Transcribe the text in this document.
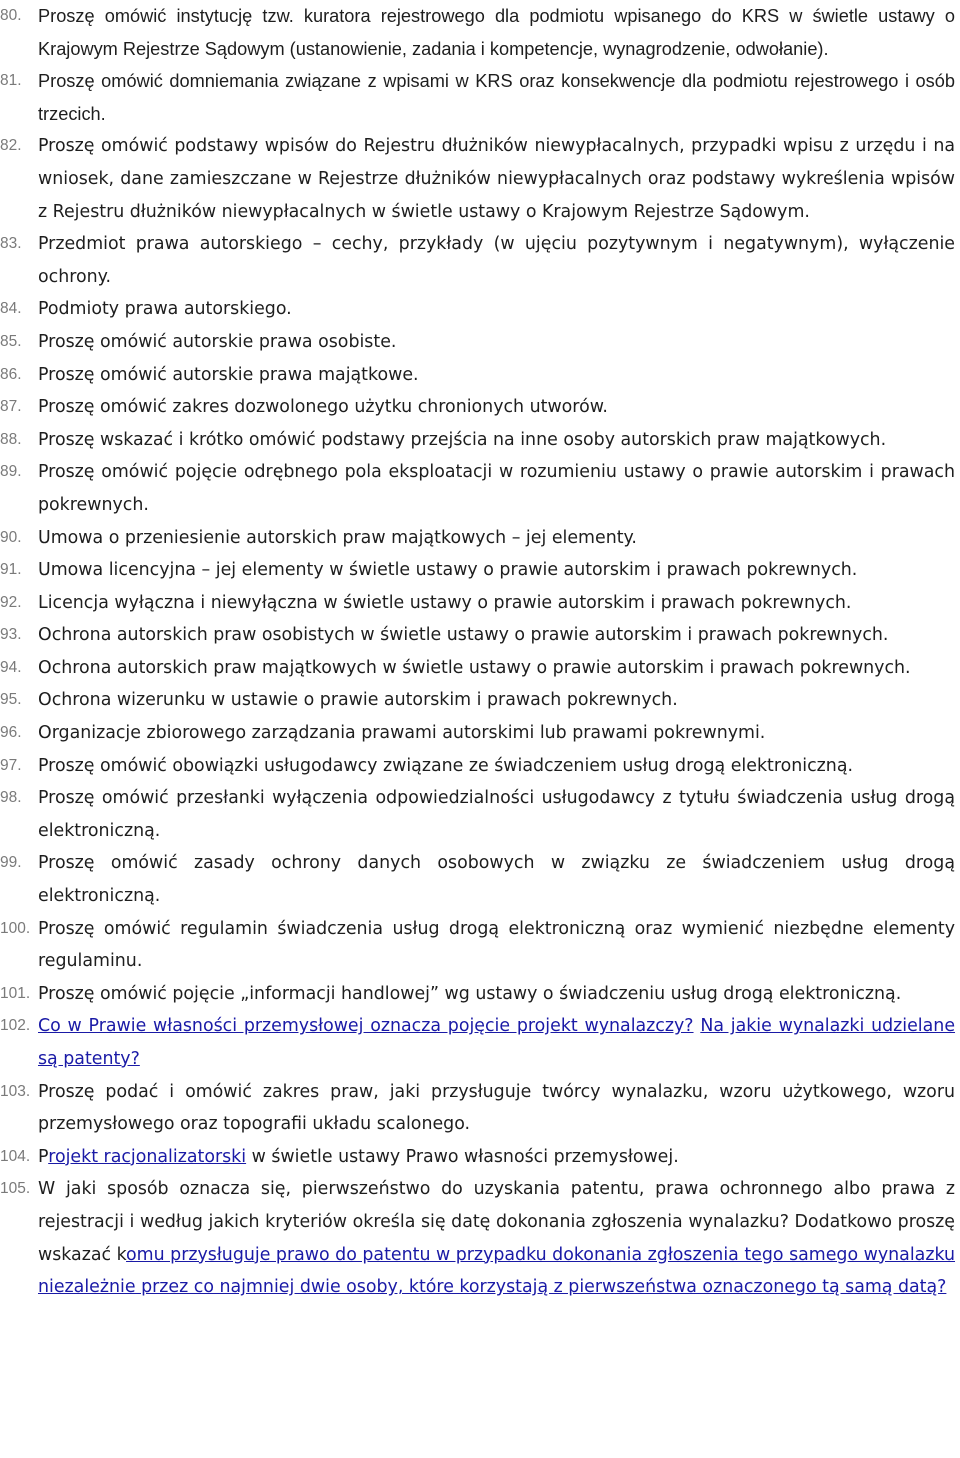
80. Proszę omówić instytucję tzw. kuratora rejestrowego dla podmiotu wpisanego do KRS w świetle ustawy o Krajowym Rejestrze Sądowym (ustanowienie, zadania i kompetencje, wynagrodzenie, odwołanie).
81. Proszę omówić domniemania związane z wpisami w KRS oraz konsekwencje dla podmiotu rejestrowego i osób trzecich.
82. Proszę omówić podstawy wpisów do Rejestru dłużników niewypłacalnych, przypadki wpisu z urzędu i na wniosek, dane zamieszczane w Rejestrze dłużników niewypłacalnych oraz podstawy wykreślenia wpisów z Rejestru dłużników niewypłacalnych w świetle ustawy o Krajowym Rejestrze Sądowym.
83. Przedmiot prawa autorskiego – cechy, przykłady (w ujęciu pozytywnym i negatywnym), wyłączenie ochrony.
84. Podmioty prawa autorskiego.
85. Proszę omówić autorskie prawa osobiste.
86. Proszę omówić autorskie prawa majątkowe.
87. Proszę omówić zakres dozwolonego użytku chronionych utworów.
88. Proszę wskazać i krótko omówić podstawy przejścia na inne osoby autorskich praw majątkowych.
89. Proszę omówić pojęcie odrębnego pola eksploatacji w rozumieniu ustawy o prawie autorskim i prawach pokrewnych.
90. Umowa o przeniesienie autorskich praw majątkowych – jej elementy.
91. Umowa licencyjna – jej elementy w świetle ustawy o prawie autorskim i prawach pokrewnych.
92. Licencja wyłączna i niewyłączna w świetle ustawy o prawie autorskim i prawach pokrewnych.
93. Ochrona autorskich praw osobistych w świetle ustawy o prawie autorskim i prawach pokrewnych.
94. Ochrona autorskich praw majątkowych w świetle ustawy o prawie autorskim i prawach pokrewnych.
95. Ochrona wizerunku w ustawie o prawie autorskim i prawach pokrewnych.
96. Organizacje zbiorowego zarządzania prawami autorskimi lub prawami pokrewnymi.
97. Proszę omówić obowiązki usługodawcy związane ze świadczeniem usług drogą elektroniczną.
98. Proszę omówić przesłanki wyłączenia odpowiedzialności usługodawcy z tytułu świadczenia usług drogą elektroniczną.
99. Proszę omówić zasady ochrony danych osobowych w związku ze świadczeniem usług drogą elektroniczną.
100. Proszę omówić regulamin świadczenia usług drogą elektroniczną oraz wymienić niezbędne elementy regulaminu.
101. Proszę omówić pojęcie „informacji handlowej” wg ustawy o świadczeniu usług drogą elektroniczną.
102. Co w Prawie własności przemysłowej oznacza pojęcie projekt wynalazczy? Na jakie wynalazki udzielane są patenty?
103. Proszę podać i omówić zakres praw, jaki przysługuje twórcy wynalazku, wzoru użytkowego, wzoru przemysłowego oraz topografii układu scalonego.
104. Projekt racjonalizatorski w świetle ustawy Prawo własności przemysłowej.
105. W jaki sposób oznacza się, pierwszeństwo do uzyskania patentu, prawa ochronnego albo prawa z rejestracji i według jakich kryteriów określa się datę dokonania zgłoszenia wynalazku? Dodatkowo proszę wskazać komu przysługuje prawo do patentu w przypadku dokonania zgłoszenia tego samego wynalazku niezależnie przez co najmniej dwie osoby, które korzystają z pierwszeństwa oznaczonego tą samą datą?
